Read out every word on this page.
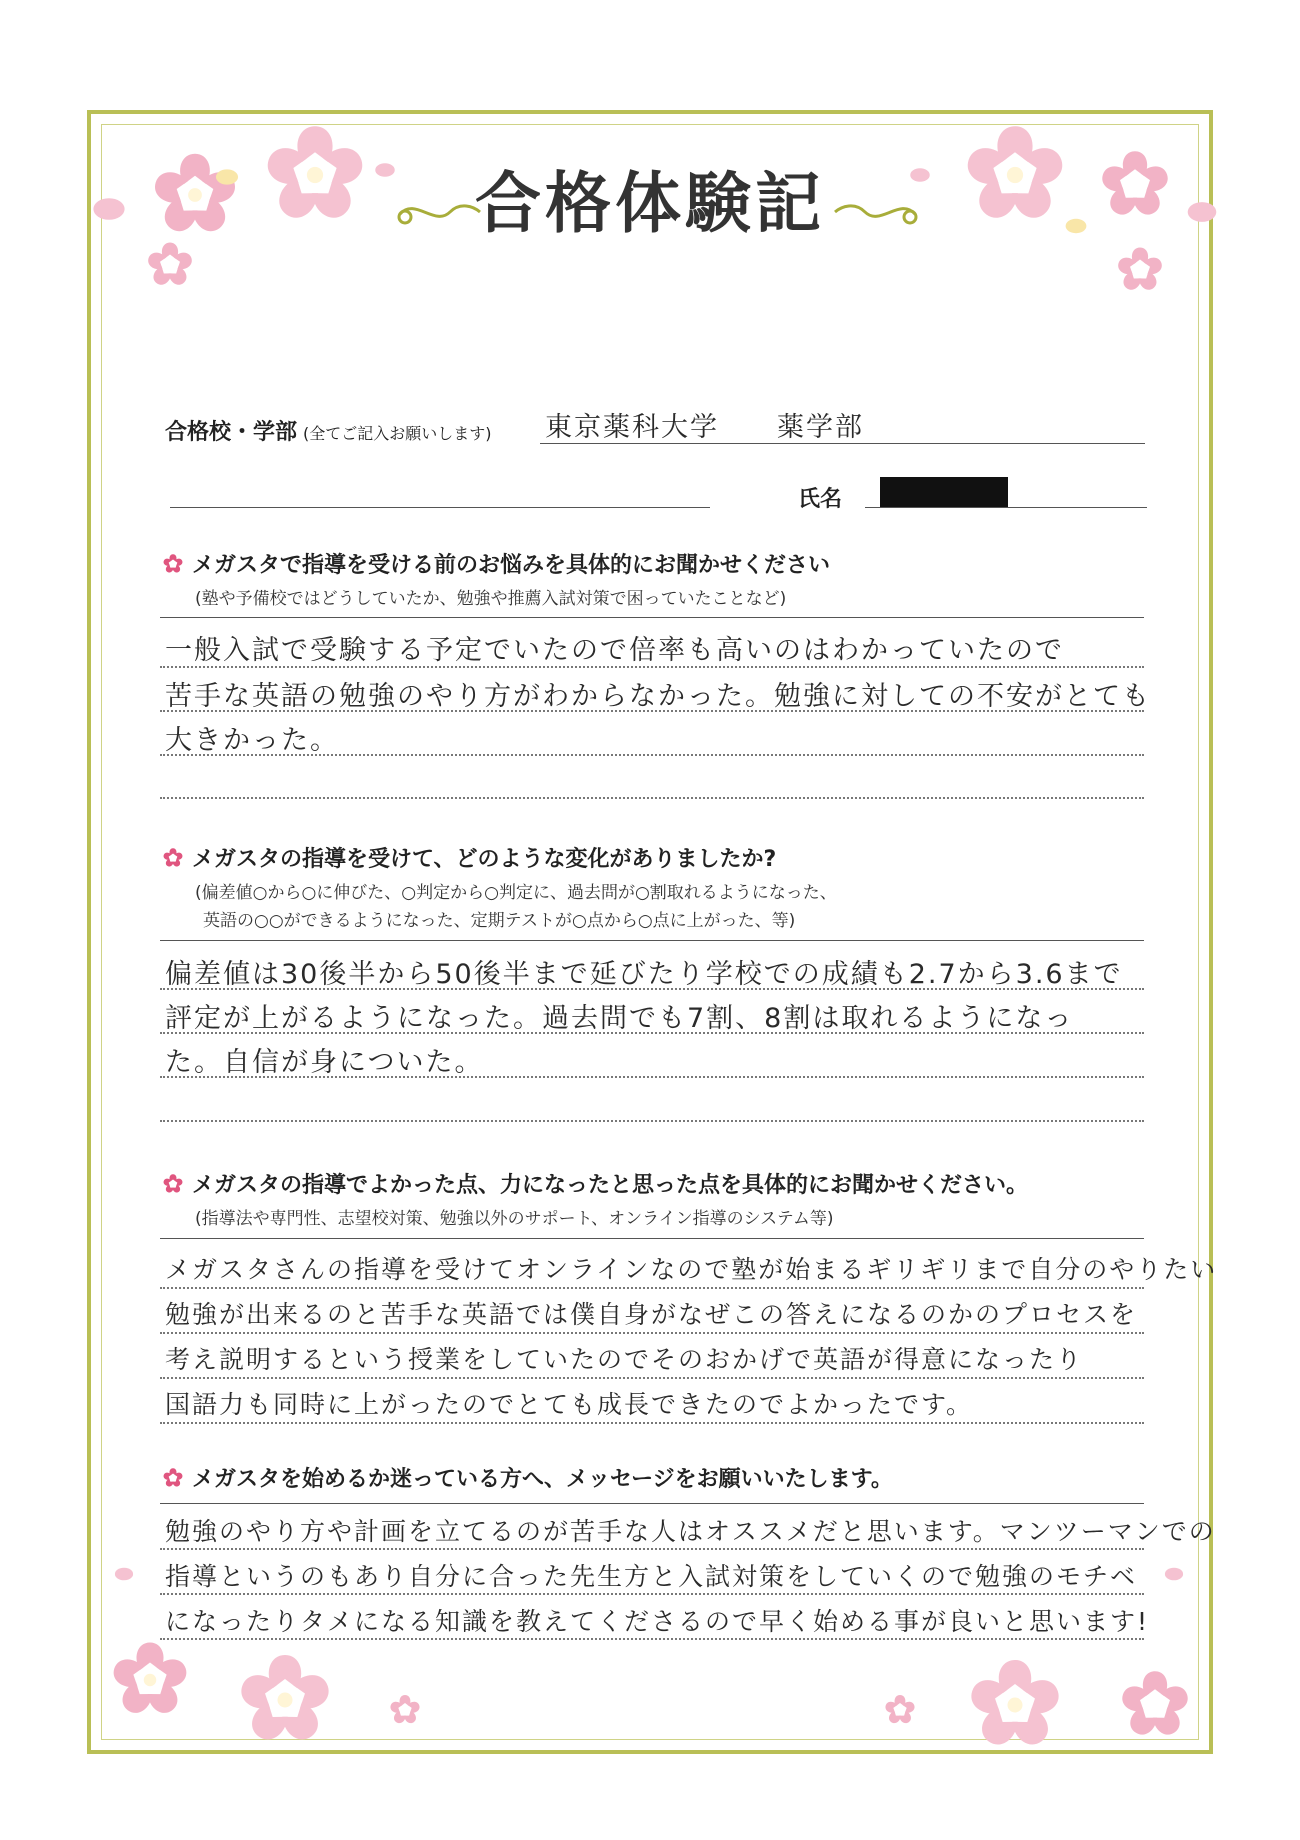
合格体験記
合格校・学部 (全てご記入お願いします) 東京薬科大学　　薬学部
氏名
メガスタで指導を受ける前のお悩みを具体的にお聞かせください
(塾や予備校ではどうしていたか、勉強や推薦入試対策で困っていたことなど)
一般入試で受験する予定でいたので倍率も高いのはわかっていたので
苦手な英語の勉強のやり方がわからなかった。勉強に対しての不安がとても
大きかった。
メガスタの指導を受けて、どのような変化がありましたか?
(偏差値○から○に伸びた、○判定から○判定に、過去問が○割取れるようになった、
英語の○○ができるようになった、定期テストが○点から○点に上がった、等)
偏差値は30後半から50後半まで延びたり学校での成績も2.7から3.6まで
評定が上がるようになった。過去問でも7割、8割は取れるようになっ
た。自信が身についた。
メガスタの指導でよかった点、力になったと思った点を具体的にお聞かせください。
(指導法や専門性、志望校対策、勉強以外のサポート、オンライン指導のシステム等)
メガスタさんの指導を受けてオンラインなので塾が始まるギリギリまで自分のやりたい
勉強が出来るのと苦手な英語では僕自身がなぜこの答えになるのかのプロセスを
考え説明するという授業をしていたのでそのおかげで英語が得意になったり
国語力も同時に上がったのでとても成長できたのでよかったです。
メガスタを始めるか迷っている方へ、メッセージをお願いいたします。
勉強のやり方や計画を立てるのが苦手な人はオススメだと思います。マンツーマンでの
指導というのもあり自分に合った先生方と入試対策をしていくので勉強のモチベ
になったりタメになる知識を教えてくださるので早く始める事が良いと思います!
